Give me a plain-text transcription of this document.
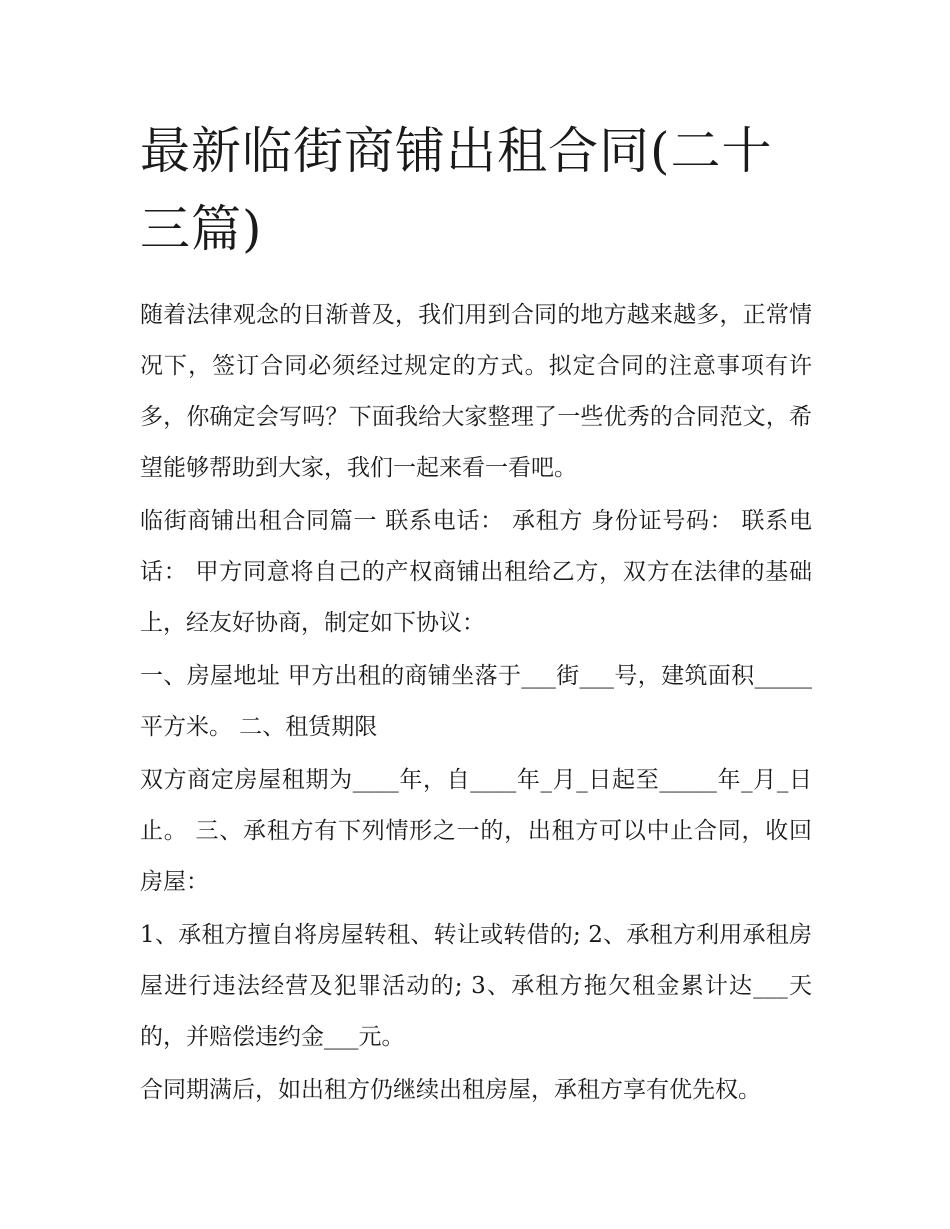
最新临街商铺出租合同(二十三篇)

随着法律观念的日渐普及，我们用到合同的地方越来越多，正常情况下，签订合同必须经过规定的方式。拟定合同的注意事项有许多，你确定会写吗？下面我给大家整理了一些优秀的合同范文，希望能够帮助到大家，我们一起来看一看吧。

临街商铺出租合同篇一 联系电话： 承租方 身份证号码： 联系电话： 甲方同意将自己的产权商铺出租给乙方，双方在法律的基础上，经友好协商，制定如下协议：

一、房屋地址 甲方出租的商铺坐落于___街___号，建筑面积_____平方米。 二、租赁期限

双方商定房屋租期为____年，自____年_月_日起至_____年_月_日止。 三、承租方有下列情形之一的，出租方可以中止合同，收回房屋：

1、承租方擅自将房屋转租、转让或转借的; 2、承租方利用承租房屋进行违法经营及犯罪活动的; 3、承租方拖欠租金累计达___天的，并赔偿违约金___元。

合同期满后，如出租方仍继续出租房屋，承租方享有优先权。
